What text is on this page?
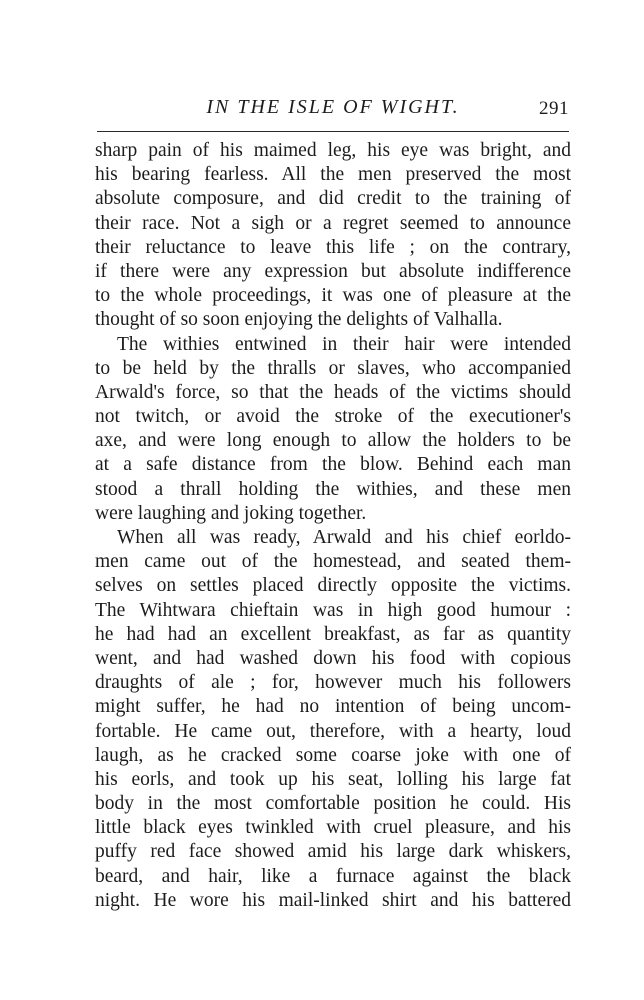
IN THE ISLE OF WIGHT.	291
sharp pain of his maimed leg, his eye was bright, and
his bearing fearless. All the men preserved the most
absolute composure, and did credit to the training of
their race. Not a sigh or a regret seemed to announce
their reluctance to leave this life ; on the contrary,
if there were any expression but absolute indifference
to the whole proceedings, it was one of pleasure at the
thought of so soon enjoying the delights of Valhalla.
The withies entwined in their hair were intended
to be held by the thralls or slaves, who accompanied
Arwald's force, so that the heads of the victims should
not twitch, or avoid the stroke of the executioner's
axe, and were long enough to allow the holders to be
at a safe distance from the blow. Behind each man
stood a thrall holding the withies, and these men
were laughing and joking together.
When all was ready, Arwald and his chief eorldo-
men came out of the homestead, and seated them-
selves on settles placed directly opposite the victims.
The Wihtwara chieftain was in high good humour :
he had had an excellent breakfast, as far as quantity
went, and had washed down his food with copious
draughts of ale ; for, however much his followers
might suffer, he had no intention of being uncom-
fortable. He came out, therefore, with a hearty, loud
laugh, as he cracked some coarse joke with one of
his eorls, and took up his seat, lolling his large fat
body in the most comfortable position he could. His
little black eyes twinkled with cruel pleasure, and his
puffy red face showed amid his large dark whiskers,
beard, and hair, like a furnace against the black
night. He wore his mail-linked shirt and his battered
